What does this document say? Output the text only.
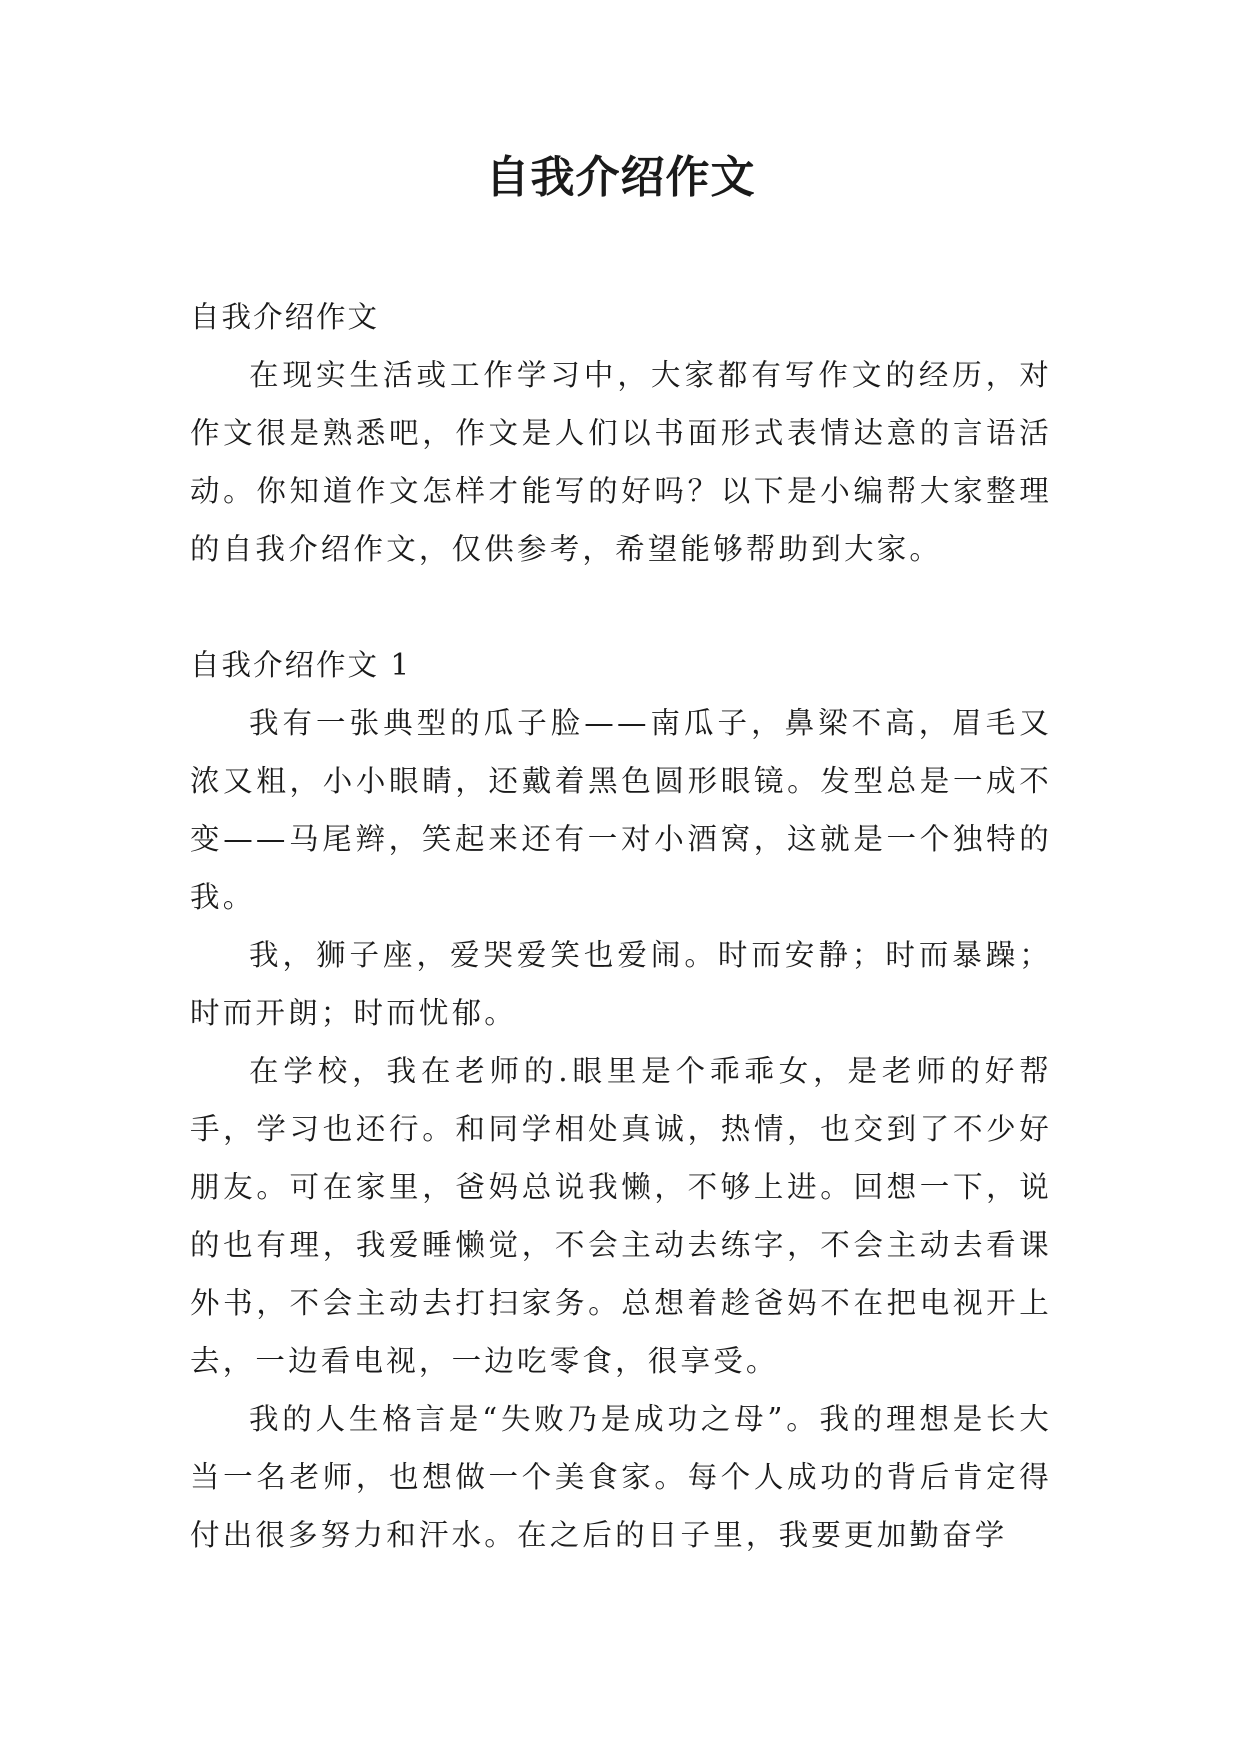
自我介绍作文

自我介绍作文

在现实生活或工作学习中，大家都有写作文的经历，对作文很是熟悉吧，作文是人们以书面形式表情达意的言语活动。你知道作文怎样才能写的好吗？以下是小编帮大家整理的自我介绍作文，仅供参考，希望能够帮助到大家。

自我介绍作文 1

我有一张典型的瓜子脸——南瓜子，鼻梁不高，眉毛又浓又粗，小小眼睛，还戴着黑色圆形眼镜。发型总是一成不变——马尾辫，笑起来还有一对小酒窝，这就是一个独特的我。

我，狮子座，爱哭爱笑也爱闹。时而安静；时而暴躁；时而开朗；时而忧郁。

在学校，我在老师的.眼里是个乖乖女，是老师的好帮手，学习也还行。和同学相处真诚，热情，也交到了不少好朋友。可在家里，爸妈总说我懒，不够上进。回想一下，说的也有理，我爱睡懒觉，不会主动去练字，不会主动去看课外书，不会主动去打扫家务。总想着趁爸妈不在把电视开上去，一边看电视，一边吃零食，很享受。

我的人生格言是“失败乃是成功之母”。我的理想是长大当一名老师，也想做一个美食家。每个人成功的背后肯定得付出很多努力和汗水。在之后的日子里，我要更加勤奋学
